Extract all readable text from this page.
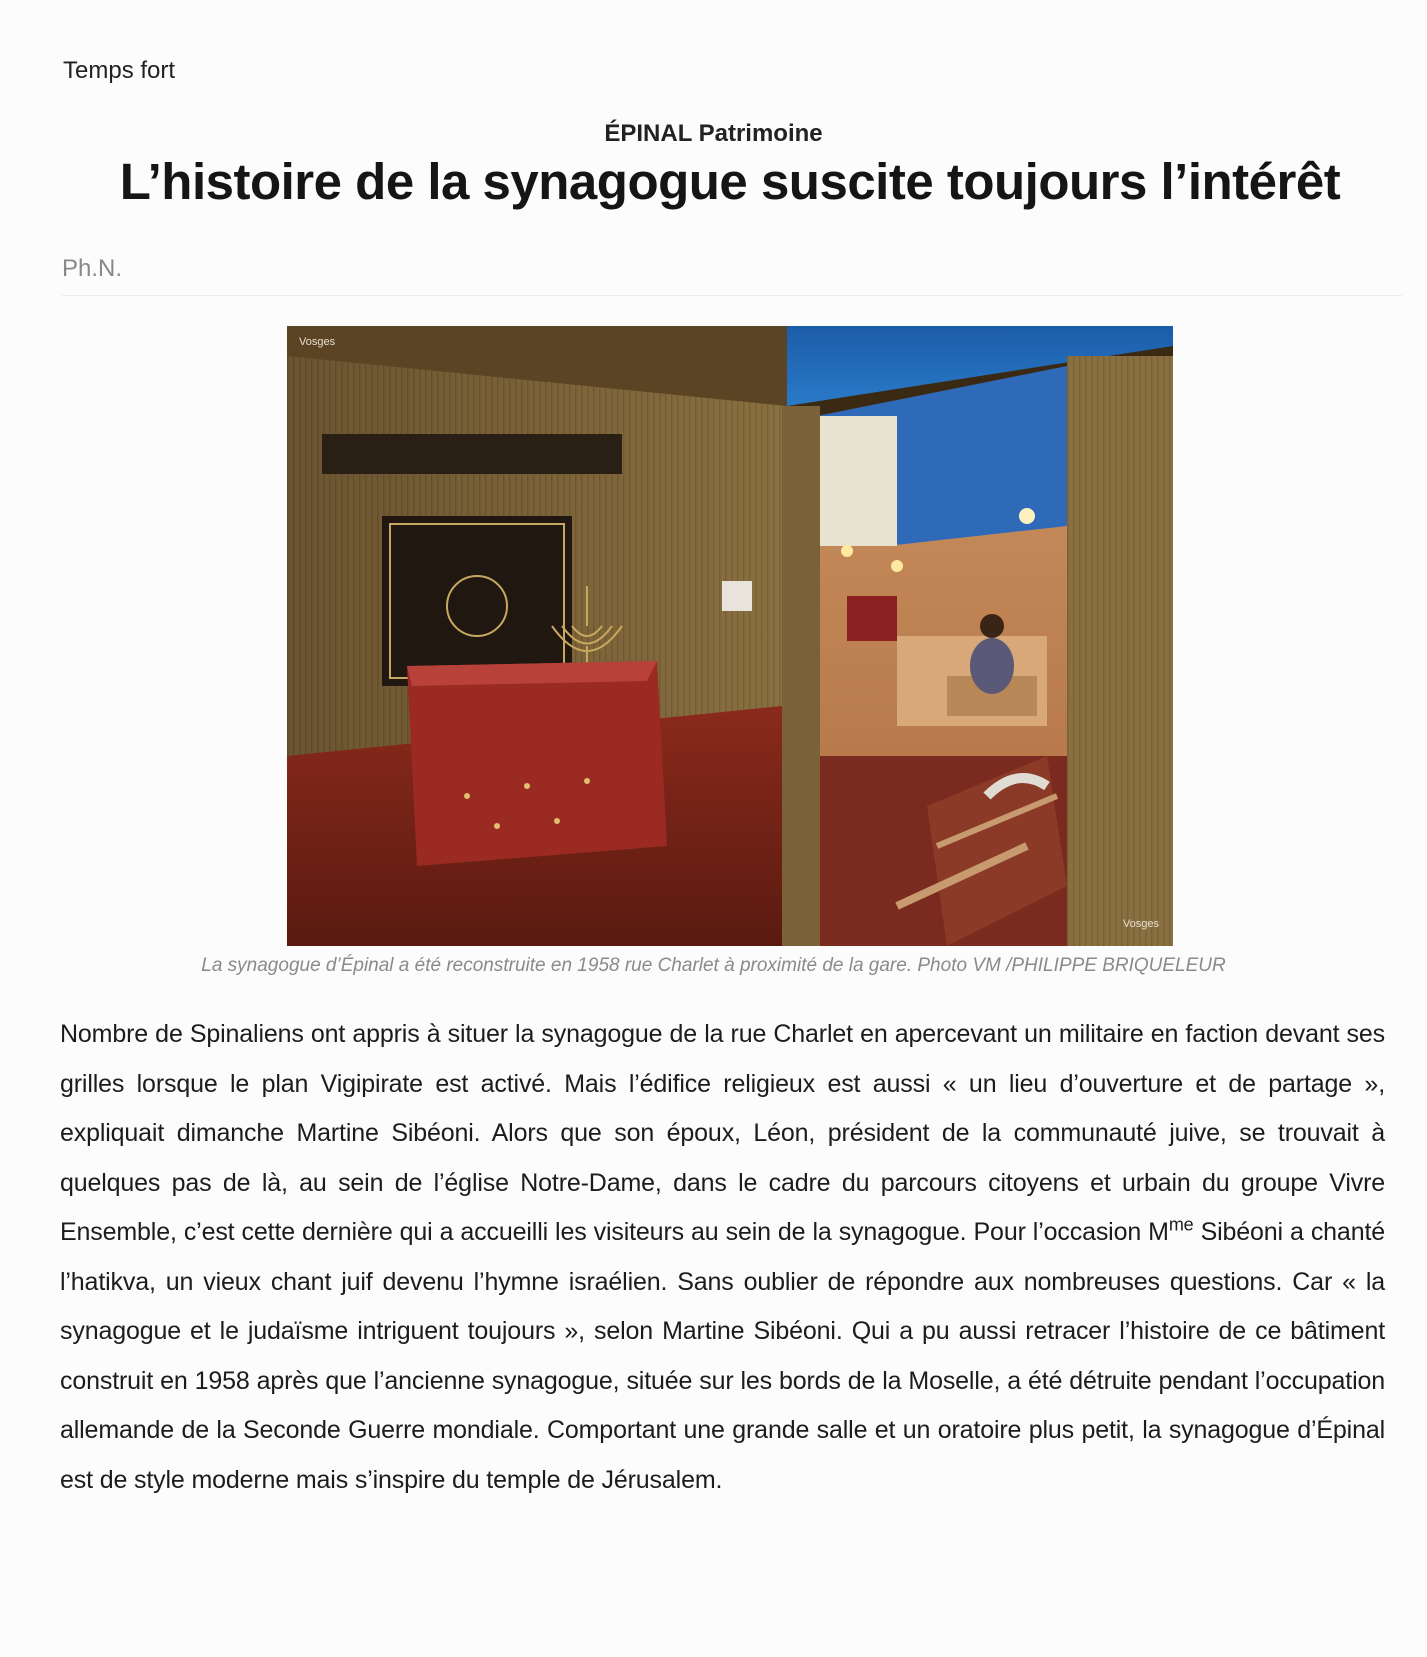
Temps fort
ÉPINAL Patrimoine
L’histoire de la synagogue suscite toujours l’intérêt
Ph.N.
Vosges
Vosges
La synagogue d’Épinal a été reconstruite en 1958 rue Charlet à proximité de la gare. Photo VM /PHILIPPE BRIQUELEUR
Nombre de Spinaliens ont appris à situer la synagogue de la rue Charlet en apercevant un militaire en faction devant ses grilles lorsque le plan Vigipirate est activé. Mais l’édifice religieux est aussi « un lieu d’ouverture et de partage », expliquait dimanche Martine Sibéoni. Alors que son époux, Léon, président de la communauté juive, se trouvait à quelques pas de là, au sein de l’église Notre-Dame, dans le cadre du parcours citoyens et urbain du groupe Vivre Ensemble, c’est cette dernière qui a accueilli les visiteurs au sein de la synagogue. Pour l’occasion $M^{me}$ Sibéoni a chanté l’hatikva, un vieux chant juif devenu l’hymne israélien. Sans oublier de répondre aux nombreuses questions. Car « la synagogue et le judaïsme intriguent toujours », selon Martine Sibéoni. Qui a pu aussi retracer l’histoire de ce bâtiment construit en 1958 après que l’ancienne synagogue, située sur les bords de la Moselle, a été détruite pendant l’occupation allemande de la Seconde Guerre mondiale. Comportant une grande salle et un oratoire plus petit, la synagogue d’Épinal est de style moderne mais s’inspire du temple de Jérusalem.
